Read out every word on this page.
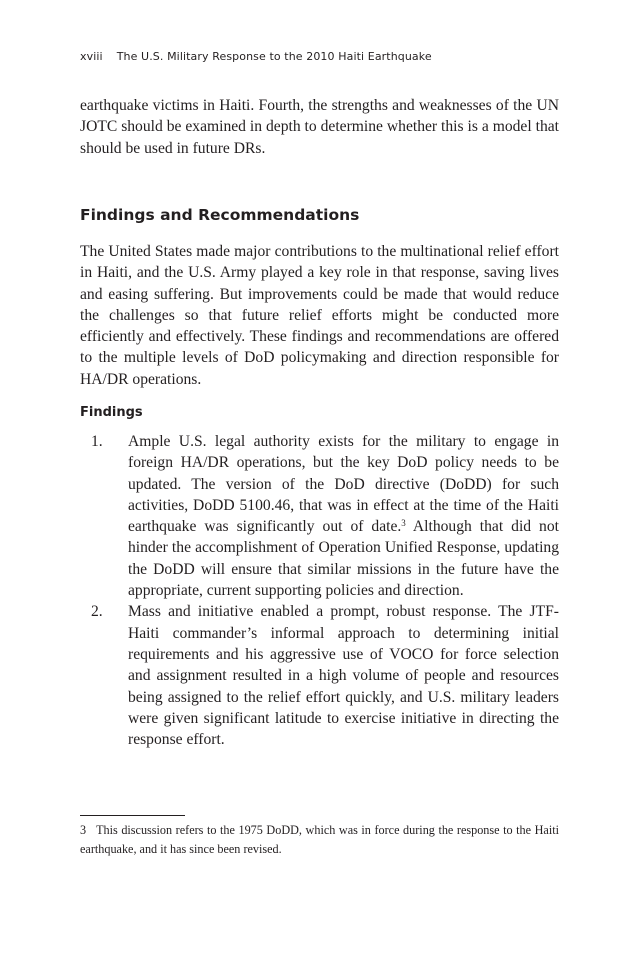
xviii The U.S. Military Response to the 2010 Haiti Earthquake

earthquake victims in Haiti. Fourth, the strengths and weaknesses of the UN JOTC should be examined in depth to determine whether this is a model that should be used in future DRs.

Findings and Recommendations

The United States made major contributions to the multinational relief effort in Haiti, and the U.S. Army played a key role in that response, saving lives and easing suffering. But improvements could be made that would reduce the challenges so that future relief efforts might be conducted more efficiently and effectively. These findings and recommendations are offered to the multiple levels of DoD policymaking and direction responsible for HA/DR operations.

Findings
1. Ample U.S. legal authority exists for the military to engage in foreign HA/DR operations, but the key DoD policy needs to be updated. The version of the DoD directive (DoDD) for such activities, DoDD 5100.46, that was in effect at the time of the Haiti earthquake was significantly out of date.$^3$ Although that did not hinder the accomplishment of Operation Unified Response, updating the DoDD will ensure that similar missions in the future have the appropriate, current supporting policies and direction.
2. Mass and initiative enabled a prompt, robust response. The JTF-Haiti commander’s informal approach to determining initial requirements and his aggressive use of VOCO for force selection and assignment resulted in a high volume of people and resources being assigned to the relief effort quickly, and U.S. military leaders were given significant latitude to exercise initiative in directing the response effort.

3 This discussion refers to the 1975 DoDD, which was in force during the response to the Haiti earthquake, and it has since been revised.
